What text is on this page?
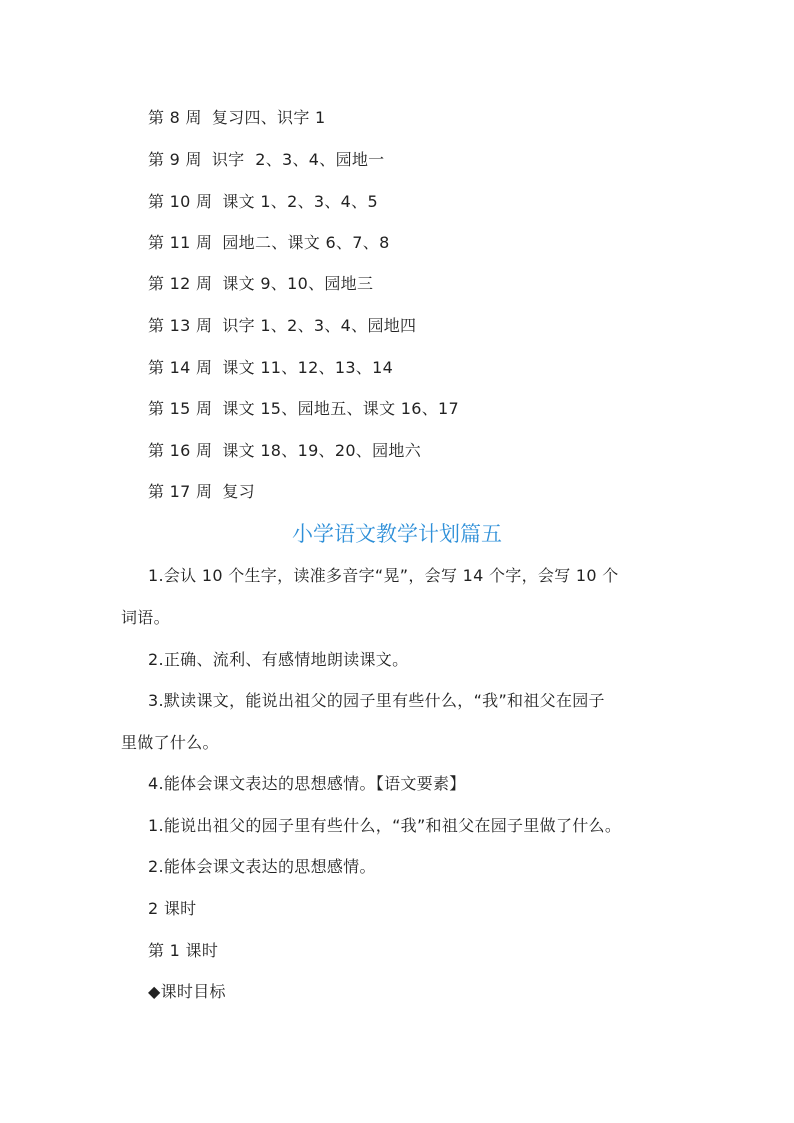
第 8 周 复习四、识字 1
第 9 周 识字  2、3、4、园地一
第 10 周 课文 1、2、3、4、5
第 11 周 园地二、课文 6、7、8
第 12 周 课文 9、10、园地三
第 13 周 识字 1、2、3、4、园地四
第 14 周 课文 11、12、13、14
第 15 周 课文 15、园地五、课文 16、17
第 16 周 课文 18、19、20、园地六
第 17 周 复习
小学语文教学计划篇五
1.会认 10 个生字，读准多音字“晃”，会写 14 个字，会写 10 个
词语。
2.正确、流利、有感情地朗读课文。
3.默读课文，能说出祖父的园子里有些什么，“我”和祖父在园子
里做了什么。
4.能体会课文表达的思想感情。【语文要素】
1.能说出祖父的园子里有些什么，“我”和祖父在园子里做了什么。
2.能体会课文表达的思想感情。
2 课时
第 1 课时
◆课时目标
